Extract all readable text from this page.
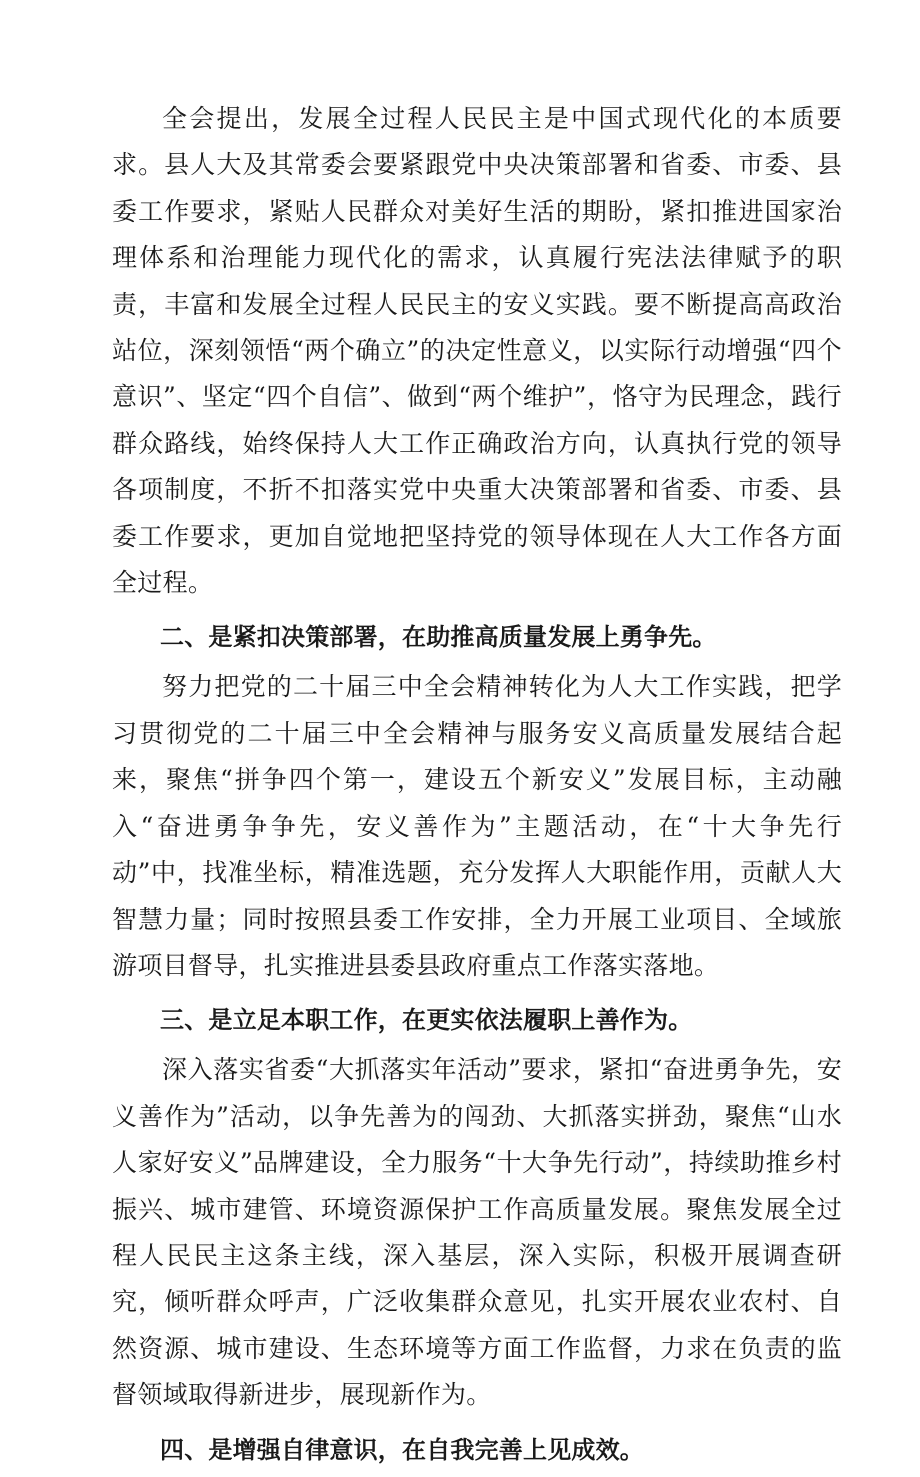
全会提出，发展全过程人民民主是中国式现代化的本质要求。县人大及其常委会要紧跟党中央决策部署和省委、市委、县委工作要求，紧贴人民群众对美好生活的期盼，紧扣推进国家治理体系和治理能力现代化的需求，认真履行宪法法律赋予的职责，丰富和发展全过程人民民主的安义实践。要不断提高高政治站位，深刻领悟“两个确立”的决定性意义，以实际行动增强“四个意识”、坚定“四个自信”、做到“两个维护”，恪守为民理念，践行群众路线，始终保持人大工作正确政治方向，认真执行党的领导各项制度，不折不扣落实党中央重大决策部署和省委、市委、县委工作要求，更加自觉地把坚持党的领导体现在人大工作各方面全过程。

二、是紧扣决策部署，在助推高质量发展上勇争先。

努力把党的二十届三中全会精神转化为人大工作实践，把学习贯彻党的二十届三中全会精神与服务安义高质量发展结合起来，聚焦“拼争四个第一，建设五个新安义”发展目标，主动融入“奋进勇争争先，安义善作为”主题活动，在“十大争先行动”中，找准坐标，精准选题，充分发挥人大职能作用，贡献人大智慧力量；同时按照县委工作安排，全力开展工业项目、全域旅游项目督导，扎实推进县委县政府重点工作落实落地。

三、是立足本职工作，在更实依法履职上善作为。

深入落实省委“大抓落实年活动”要求，紧扣“奋进勇争先，安义善作为”活动，以争先善为的闯劲、大抓落实拼劲，聚焦“山水人家好安义”品牌建设，全力服务“十大争先行动”，持续助推乡村振兴、城市建管、环境资源保护工作高质量发展。聚焦发展全过程人民民主这条主线，深入基层，深入实际，积极开展调查研究，倾听群众呼声，广泛收集群众意见，扎实开展农业农村、自然资源、城市建设、生态环境等方面工作监督，力求在负责的监督领域取得新进步，展现新作为。

四、是增强自律意识，在自我完善上见成效。
